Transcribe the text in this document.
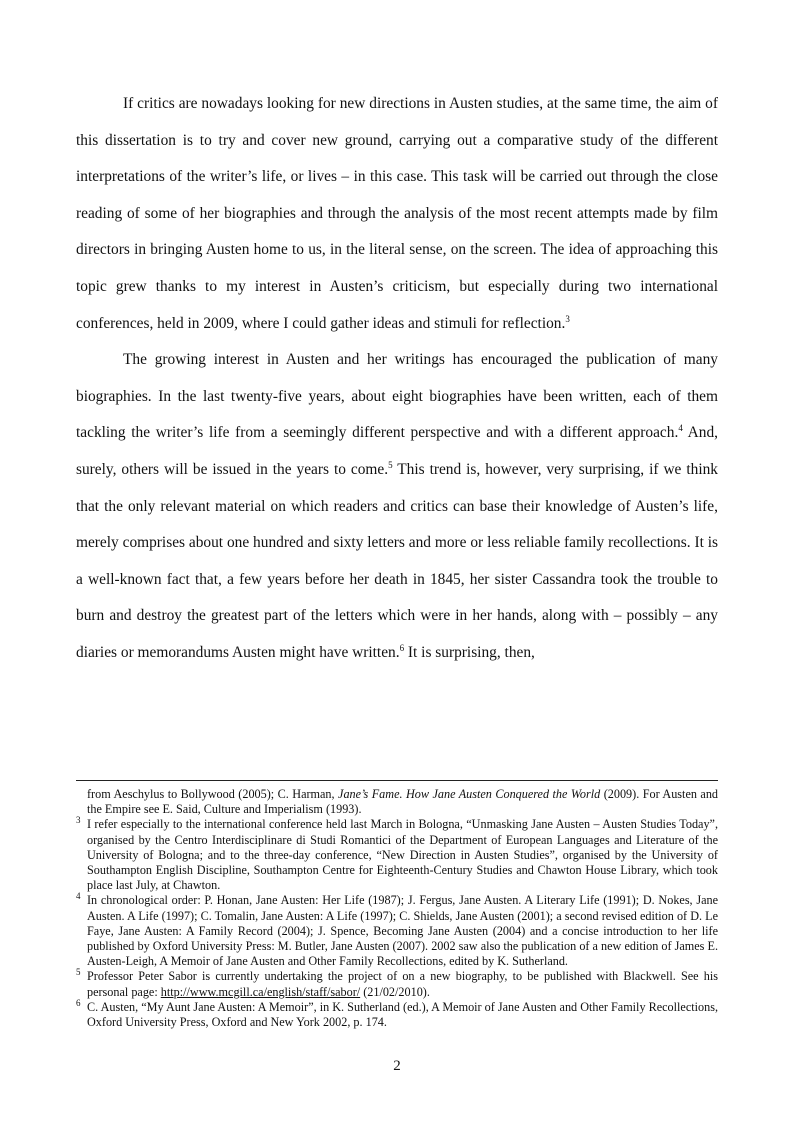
If critics are nowadays looking for new directions in Austen studies, at the same time, the aim of this dissertation is to try and cover new ground, carrying out a comparative study of the different interpretations of the writer’s life, or lives – in this case. This task will be carried out through the close reading of some of her biographies and through the analysis of the most recent attempts made by film directors in bringing Austen home to us, in the literal sense, on the screen. The idea of approaching this topic grew thanks to my interest in Austen’s criticism, but especially during two international conferences, held in 2009, where I could gather ideas and stimuli for reflection.$^3$

The growing interest in Austen and her writings has encouraged the publication of many biographies. In the last twenty-five years, about eight biographies have been written, each of them tackling the writer’s life from a seemingly different perspective and with a different approach.$^4$ And, surely, others will be issued in the years to come.$^5$ This trend is, however, very surprising, if we think that the only relevant material on which readers and critics can base their knowledge of Austen’s life, merely comprises about one hundred and sixty letters and more or less reliable family recollections. It is a well-known fact that, a few years before her death in 1845, her sister Cassandra took the trouble to burn and destroy the greatest part of the letters which were in her hands, along with – possibly – any diaries or memorandums Austen might have written.$^6$ It is surprising, then,

from Aeschylus to Bollywood (2005); C. Harman, Jane’s Fame. How Jane Austen Conquered the World (2009). For Austen and the Empire see E. Said, Culture and Imperialism (1993).

$^3$ I refer especially to the international conference held last March in Bologna, “Unmasking Jane Austen – Austen Studies Today”, organised by the Centro Interdisciplinare di Studi Romantici of the Department of European Languages and Literature of the University of Bologna; and to the three-day conference, “New Direction in Austen Studies”, organised by the University of Southampton English Discipline, Southampton Centre for Eighteenth-Century Studies and Chawton House Library, which took place last July, at Chawton.

$^4$ In chronological order: P. Honan, Jane Austen: Her Life (1987); J. Fergus, Jane Austen. A Literary Life (1991); D. Nokes, Jane Austen. A Life (1997); C. Tomalin, Jane Austen: A Life (1997); C. Shields, Jane Austen (2001); a second revised edition of D. Le Faye, Jane Austen: A Family Record (2004); J. Spence, Becoming Jane Austen (2004) and a concise introduction to her life published by Oxford University Press: M. Butler, Jane Austen (2007). 2002 saw also the publication of a new edition of James E. Austen-Leigh, A Memoir of Jane Austen and Other Family Recollections, edited by K. Sutherland.

$^5$ Professor Peter Sabor is currently undertaking the project of on a new biography, to be published with Blackwell. See his personal page: http://www.mcgill.ca/english/staff/sabor/ (21/02/2010).

$^6$ C. Austen, “My Aunt Jane Austen: A Memoir”, in K. Sutherland (ed.), A Memoir of Jane Austen and Other Family Recollections, Oxford University Press, Oxford and New York 2002, p. 174.

2
